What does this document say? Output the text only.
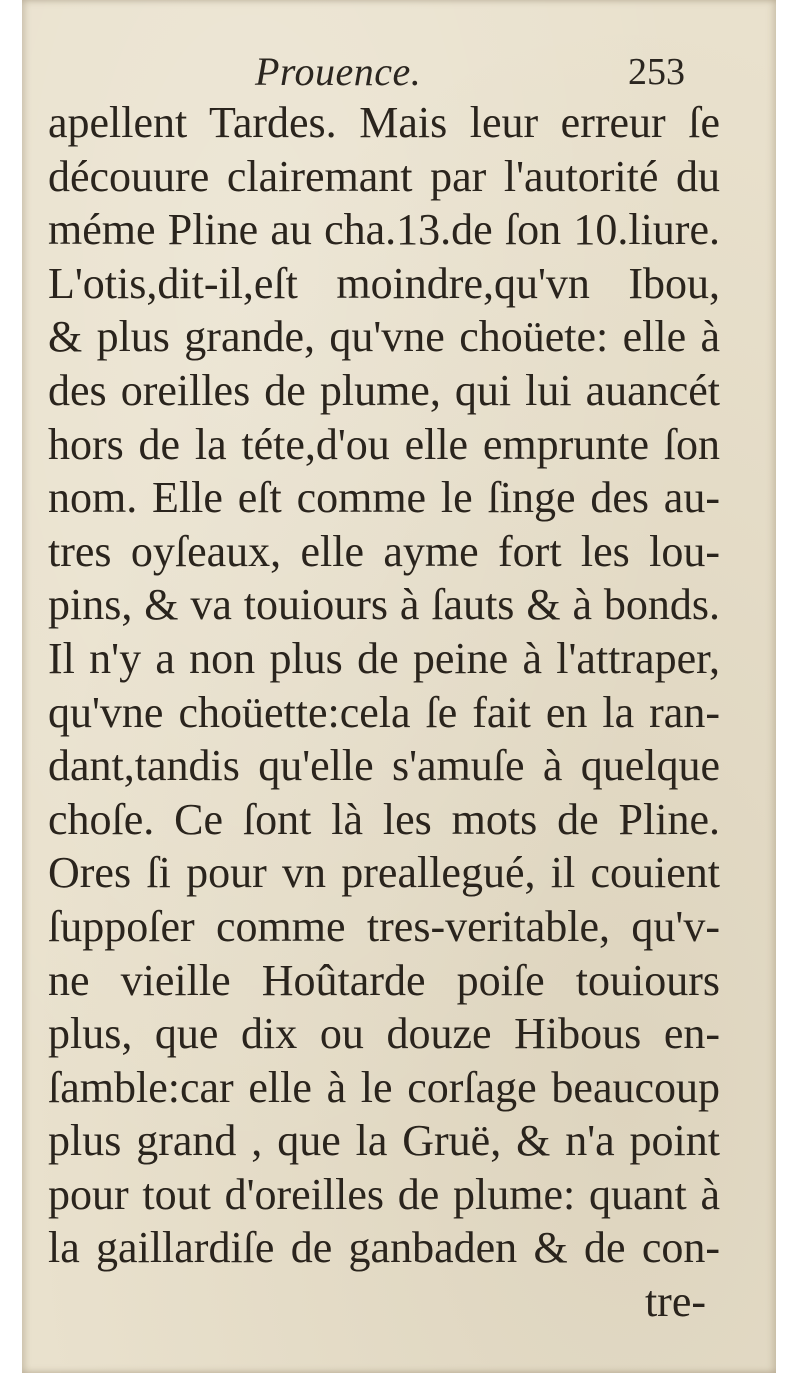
Prouence.	253
apellent Tardes. Mais leur erreur ſe
découure clairemant par l'autorité du
méme Pline au cha.13.de ſon 10.liure.
L'otis,dit-il,eſt moindre,qu'vn Ibou,
& plus grande, qu'vne choüete: elle à
des oreilles de plume, qui lui auancét
hors de la téte,d'ou elle emprunte ſon
nom. Elle eſt comme le ſinge des au-
tres oyſeaux, elle ayme fort les lou-
pins, & va touiours à ſauts & à bonds.
Il n'y a non plus de peine à l'attraper,
qu'vne choüette:cela ſe fait en la ran-
dant,tandis qu'elle s'amuſe à quelque
choſe. Ce ſont là les mots de Pline.
Ores ſi pour vn preallegué, il couient
ſuppoſer comme tres-veritable, qu'v-
ne vieille Hoûtarde poiſe touiours
plus, que dix ou douze Hibous en-
ſamble:car elle à le corſage beaucoup
plus grand , que la Gruë, & n'a point
pour tout d'oreilles de plume: quant à
la gaillardiſe de ganbaden & de con-
tre-
